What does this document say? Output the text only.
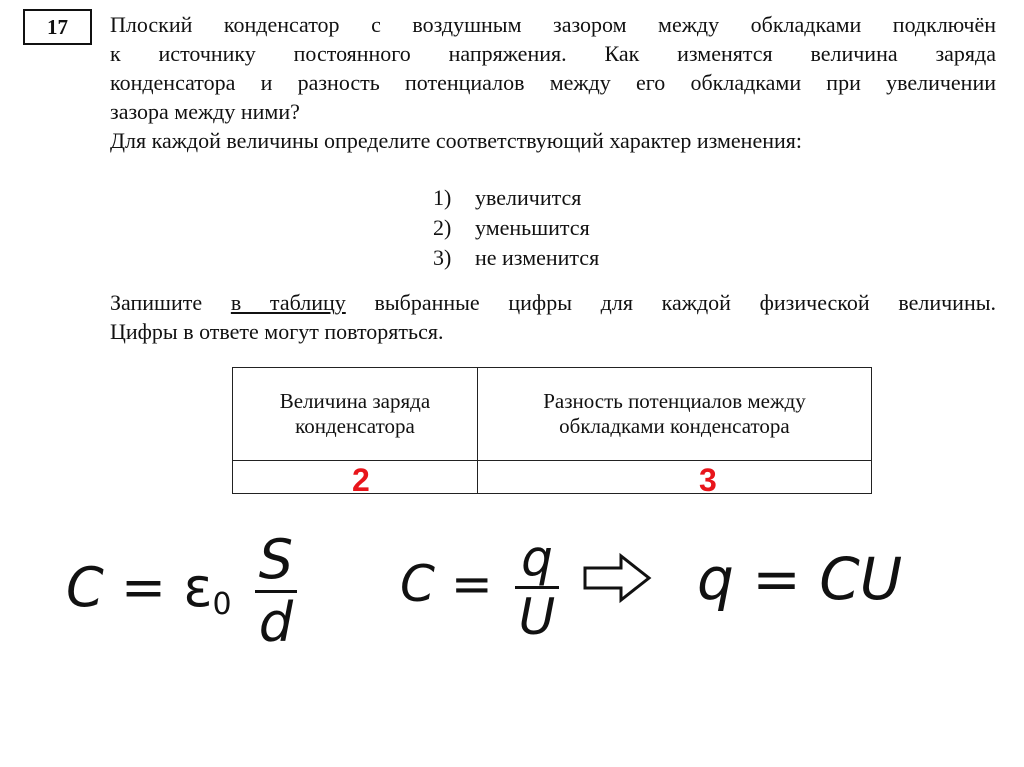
17	Плоский конденсатор с воздушным зазором между обкладками подключён
к источнику постоянного напряжения. Как изменятся величина заряда
конденсатора и разность потенциалов между его обкладками при увеличении
зазора между ними?
Для каждой величины определите соответствующий характер изменения:
1) увеличится
2) уменьшится
3) не изменится
Запишите в таблицу выбранные цифры для каждой физической величины.
Цифры в ответе могут повторяться.
Величина заряда конденсатора	Разность потенциалов между обкладками конденсатора

2	3
$C = \varepsilon_0 \frac{S}{d}$ $C = \frac{q}{U}$ q = CU
